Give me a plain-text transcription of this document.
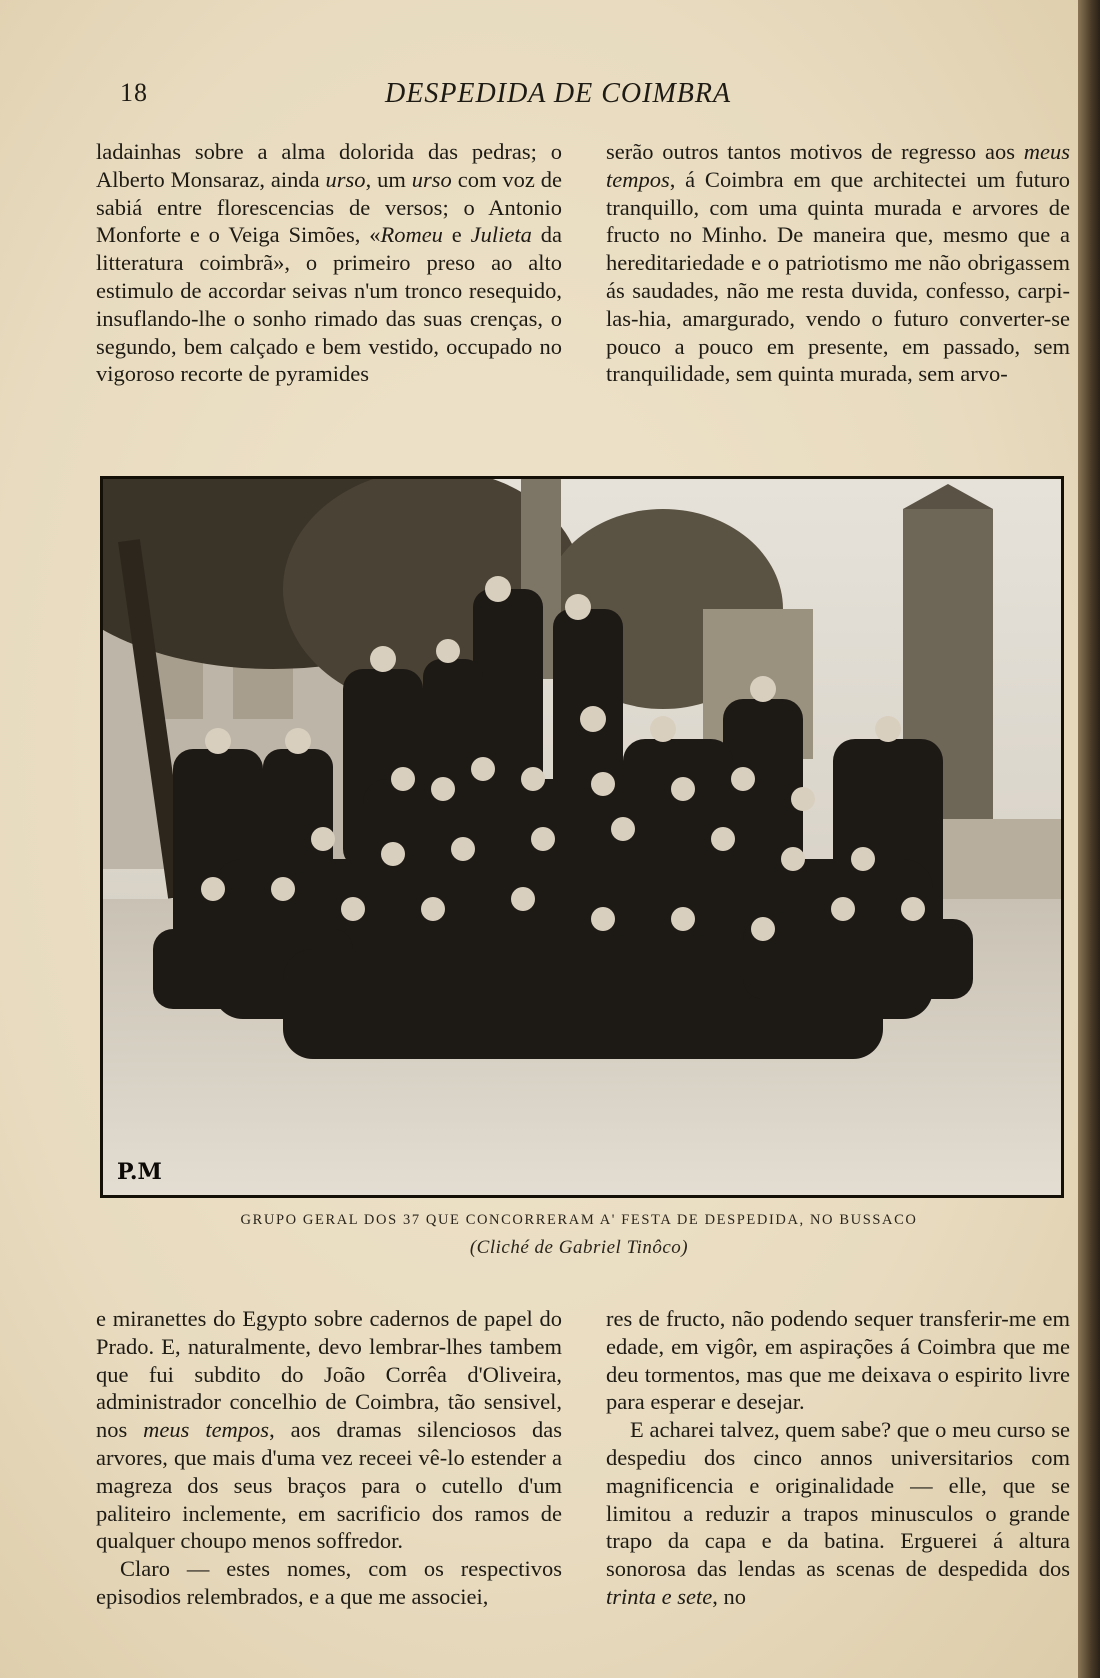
18	DESPEDIDA DE COIMBRA

ladainhas sobre a alma dolorida das pedras; o Alberto Monsaraz, ainda urso, um urso com voz de sabiá entre florescencias de versos; o Antonio Monforte e o Veiga Simões, «Romeu e Julieta da litteratura coimbrã», o primeiro preso ao alto estimulo de accordar seivas n'um tronco resequido, insuflando-lhe o sonho rimado das suas crenças, o segundo, bem calçado e bem vestido, occupado no vigoroso recorte de pyramides

serão outros tantos motivos de regresso aos meus tempos, á Coimbra em que architectei um futuro tranquillo, com uma quinta murada e arvores de fructo no Minho. De maneira que, mesmo que a hereditariedade e o patriotismo me não obrigassem ás saudades, não me resta duvida, confesso, carpi-las-hia, amargurado, vendo o futuro converter-se pouco a pouco em presente, em passado, sem tranquilidade, sem quinta murada, sem arvo-

P.M
GRUPO GERAL DOS 37 QUE CONCORRERAM A' FESTA DE DESPEDIDA, NO BUSSACO
(Cliché de Gabriel Tinôco)

e miranettes do Egypto sobre cadernos de papel do Prado. E, naturalmente, devo lembrar-lhes tambem que fui subdito do João Corrêa d'Oliveira, administrador concelhio de Coimbra, tão sensivel, nos meus tempos, aos dramas silenciosos das arvores, que mais d'uma vez receei vê-lo estender a magreza dos seus braços para o cutello d'um paliteiro inclemente, em sacrificio dos ramos de qualquer choupo menos soffredor.

Claro — estes nomes, com os respectivos episodios relembrados, e a que me associei,

res de fructo, não podendo sequer transferir-me em edade, em vigôr, em aspirações á Coimbra que me deu tormentos, mas que me deixava o espirito livre para esperar e desejar.

E acharei talvez, quem sabe? que o meu curso se despediu dos cinco annos universitarios com magnificencia e originalidade — elle, que se limitou a reduzir a trapos minusculos o grande trapo da capa e da batina. Erguerei á altura sonorosa das lendas as scenas de despedida dos trinta e sete, no
